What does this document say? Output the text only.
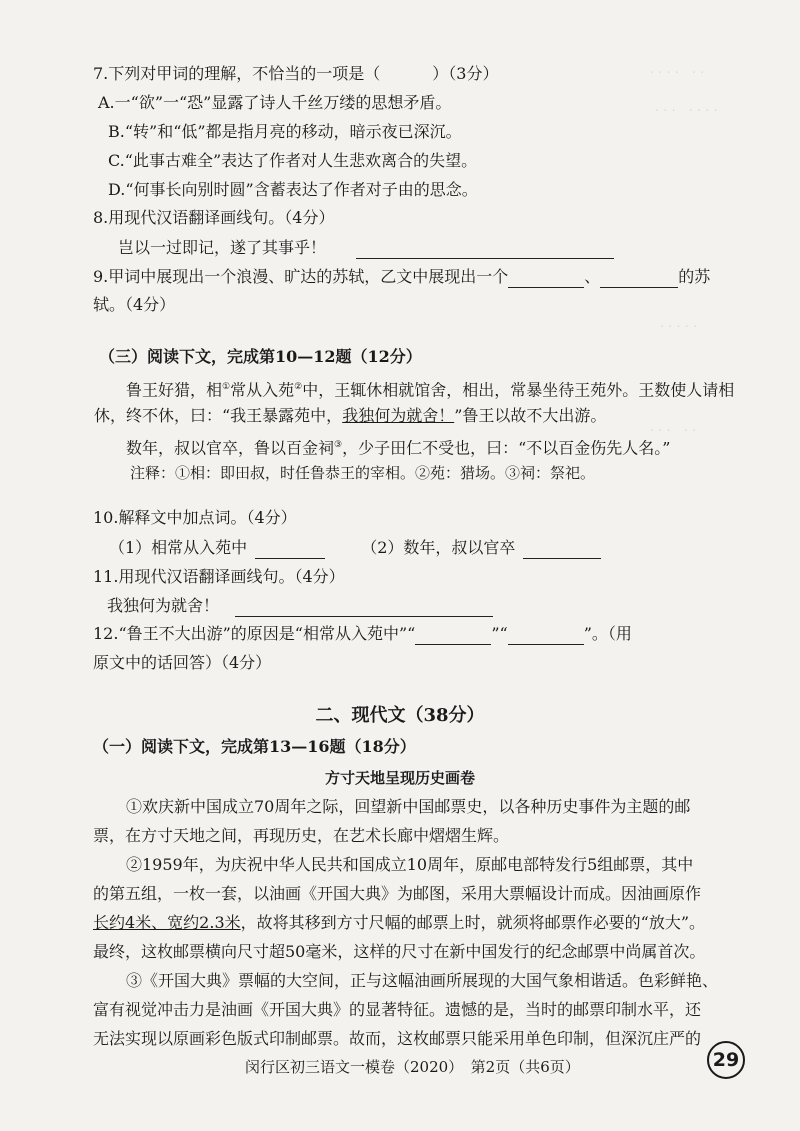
· · · ·　· ·
· · ·　· · · ·
· · · · ·
· · ·　· ·
7.下列对甲词的理解，不恰当的一项是（	）（3分）
A.一“欲”一“恐”显露了诗人千丝万缕的思想矛盾。
B.“转”和“低”都是指月亮的移动，暗示夜已深沉。
C.“此事古难全”表达了作者对人生悲欢离合的失望。
D.“何事长向别时圆”含蓄表达了作者对子由的思念。
8.用现代汉语翻译画线句。（4分）
岂以一过即记，遂了其事乎！
9.甲词中展现出一个浪漫、旷达的苏轼，乙文中展现出一个	、	的苏
轼。（4分）
（三）阅读下文，完成第10—12题（12分）
鲁王好猎，相①常从入苑②中，王辄休相就馆舍，相出，常暴坐待王苑外。王数使人请相
休，终不休，曰：“我王暴露苑中，我独何为就舍！”鲁王以故不大出游。
数年，叔以官卒，鲁以百金祠③，少子田仁不受也，曰：“不以百金伤先人名。”
注释：①相：即田叔，时任鲁恭王的宰相。②苑：猎场。③祠：祭祀。
10.解释文中加点词。（4分）
（1）相常从入苑中	（2）数年，叔以官卒
11.用现代汉语翻译画线句。（4分）
我独何为就舍！
12.“鲁王不大出游”的原因是“相常从入苑中”“	”“	”。（用
原文中的话回答）（4分）
二、现代文（38分）
（一）阅读下文，完成第13—16题（18分）
方寸天地呈现历史画卷
①欢庆新中国成立70周年之际，回望新中国邮票史，以各种历史事件为主题的邮
票，在方寸天地之间，再现历史，在艺术长廊中熠熠生辉。
②1959年，为庆祝中华人民共和国成立10周年，原邮电部特发行5组邮票，其中
的第五组，一枚一套，以油画《开国大典》为邮图，采用大票幅设计而成。因油画原作
长约4米、宽约2.3米，故将其移到方寸尺幅的邮票上时，就须将邮票作必要的“放大”。
最终，这枚邮票横向尺寸超50毫米，这样的尺寸在新中国发行的纪念邮票中尚属首次。
③《开国大典》票幅的大空间，正与这幅油画所展现的大国气象相谐适。色彩鲜艳、
富有视觉冲击力是油画《开国大典》的显著特征。遗憾的是，当时的邮票印制水平，还
无法实现以原画彩色版式印制邮票。故而，这枚邮票只能采用单色印制，但深沉庄严的
闵行区初三语文一模卷（2020）　第2页（共6页）	29
